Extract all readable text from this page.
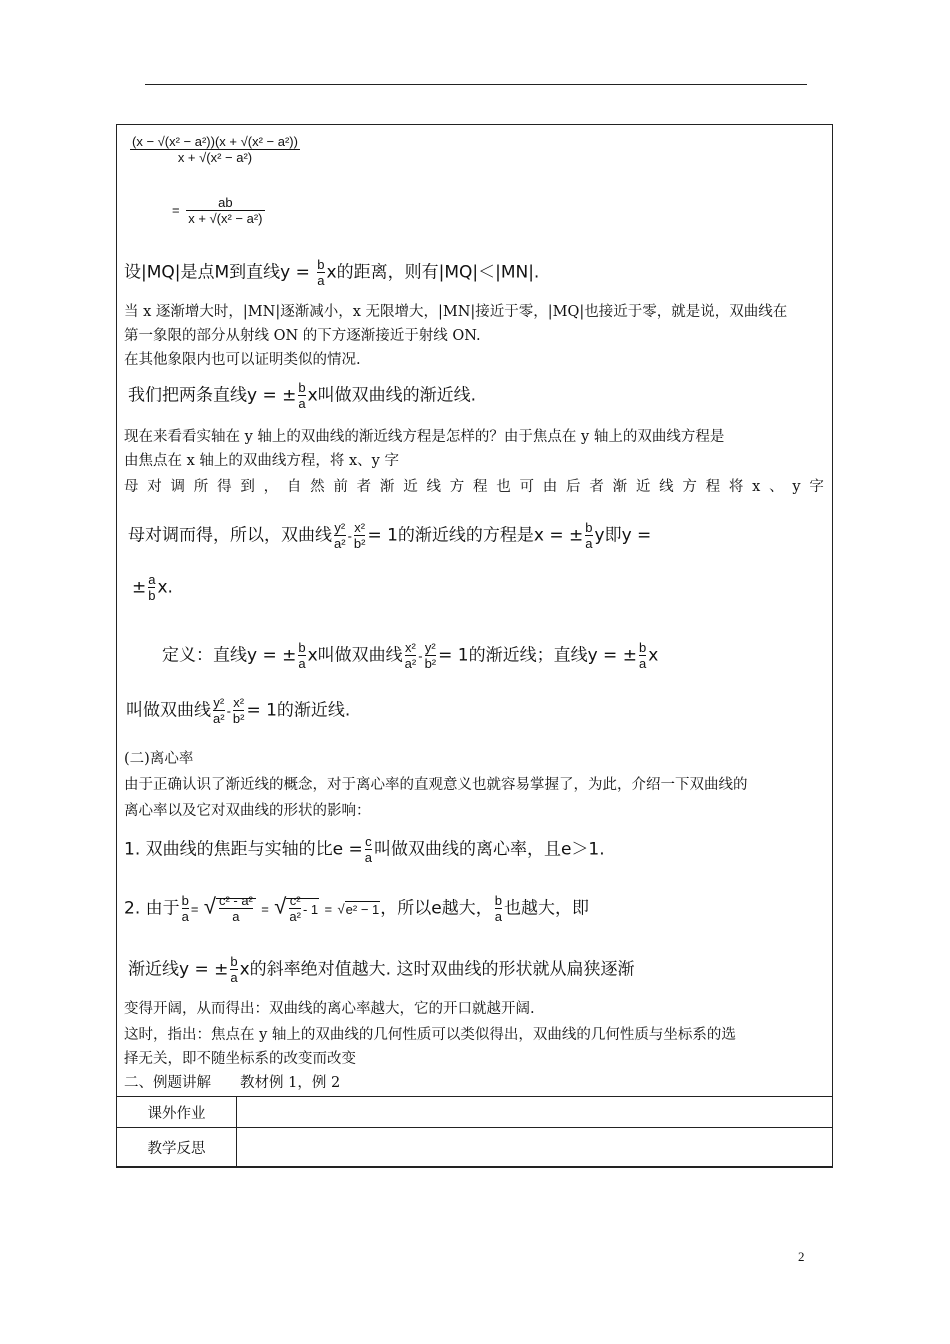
$\frac{\text{(x − √(x² − a²))(x + √(x² − a²))}}{\text{x + √(x² − a²)}}$
= $\frac{ab}{\text{x + √(x² − a²)}}$
设|MQ|是点M到直线$y = \frac{b}{a}$ x的距离，则有|MQ|＜|MN|.
当 x 逐渐增大时，|MN|逐渐减小，x 无限增大，|MN|接近于零，|MQ|也接近于零，就是说，双曲线在
第一象限的部分从射线 ON 的下方逐渐接近于射线 ON.
在其他象限内也可以证明类似的情况.
我们把两条直线y = ± $\frac{b}{a}$ x叫做双曲线的渐近线.
现在来看看实轴在 y 轴上的双曲线的渐近线方程是怎样的？由于焦点在 y 轴上的双曲线方程是
由焦点在 x 轴上的双曲线方程，将 x、y 字
母 对 调 所 得 到 ， 自 然 前 者 渐 近 线 方 程 也 可 由 后 者 渐 近 线 方 程 将 x 、 y 字
母对调而得，所以，双曲线 $\frac{\text{y²}}{\text{a²}} - \frac{\text{x²}}{\text{b²}} = 1$的渐近线的方程是x = ± $\frac{b}{a}$ y即y =
± $\frac{a}{b} x$.
定义：直线y = ± $\frac{b}{a}$ x叫做双曲线 $\frac{\text{x²}}{\text{a²}} - \frac{\text{y²}}{\text{b²}} = 1$的渐近线；直线y = ± $\frac{b}{a}$ x
叫做双曲线 $\frac{\text{y²}}{\text{a²}} - \frac{\text{x²}}{\text{b²}} = 1$的渐近线.
(二)离心率
由于正确认识了渐近线的概念，对于离心率的直观意义也就容易掌握了，为此，介绍一下双曲线的
离心率以及它对双曲线的形状的影响：
1. 双曲线的焦距与实轴的比$e = \frac{c}{a}$ 叫做双曲线的离心率，且e＞1.
2. 由于 $\frac{b}{a}$ = √ $\frac{\text{c² - a²}}{a}$ = √ $\frac{\text{c²}}{\text{a²}} - 1 = √e^2 - 1$，所以e越大， $\frac{b}{a}$ 也越大，即
渐近线y = ± $\frac{b}{a}$ x的斜率绝对值越大. 这时双曲线的形状就从扁狭逐渐
变得开阔，从而得出：双曲线的离心率越大，它的开口就越开阔.
这时，指出：焦点在 y 轴上的双曲线的几何性质可以类似得出，双曲线的几何性质与坐标系的选
择无关，即不随坐标系的改变而改变
二、例题讲解　　教材例 1，例 2
课外作业
教学反思
2
